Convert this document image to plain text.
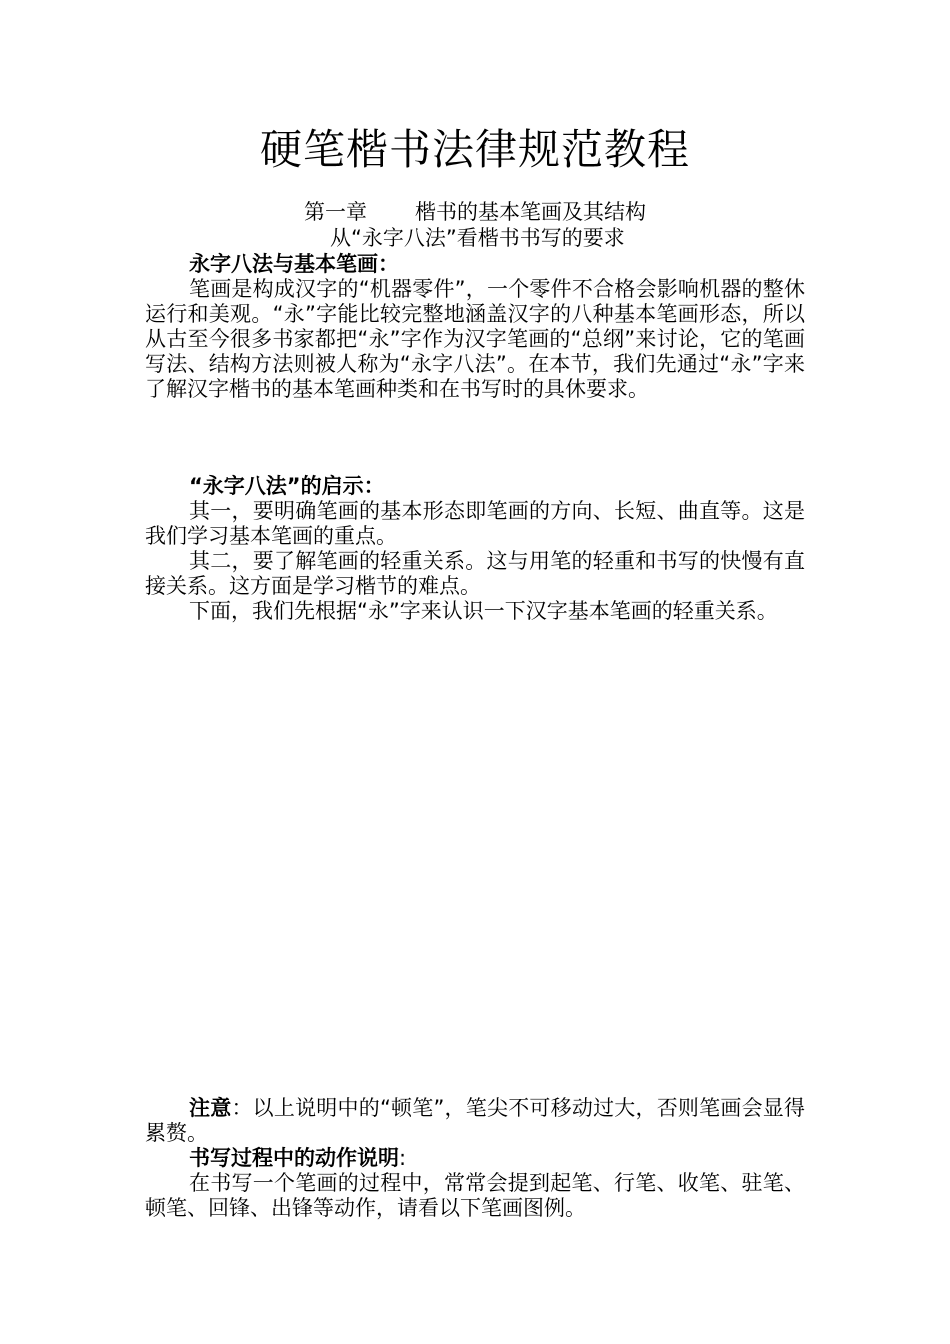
硬笔楷书法律规范教程
第一章 楷书的基本笔画及其结构
从“永字八法”看楷书书写的要求

永字八法与基本笔画：

笔画是构成汉字的“机器零件”，一个零件不合格会影响机器的整休运行和美观。“永”字能比较完整地涵盖汉字的八种基本笔画形态，所以从古至今很多书家都把“永”字作为汉字笔画的“总纲”来讨论，它的笔画写法、结构方法则被人称为“永字八法”。在本节，我们先通过“永”字来了解汉字楷书的基本笔画种类和在书写时的具休要求。

“永字八法”的启示：

其一，要明确笔画的基本形态即笔画的方向、长短、曲直等。这是我们学习基本笔画的重点。

其二，要了解笔画的轻重关系。这与用笔的轻重和书写的快慢有直接关系。这方面是学习楷节的难点。

下面，我们先根据“永”字来认识一下汉字基本笔画的轻重关系。

注意：以上说明中的“顿笔”，笔尖不可移动过大，否则笔画会显得累赘。

书写过程中的动作说明:

在书写一个笔画的过程中，常常会提到起笔、行笔、收笔、驻笔、顿笔、回锋、出锋等动作，请看以下笔画图例。
